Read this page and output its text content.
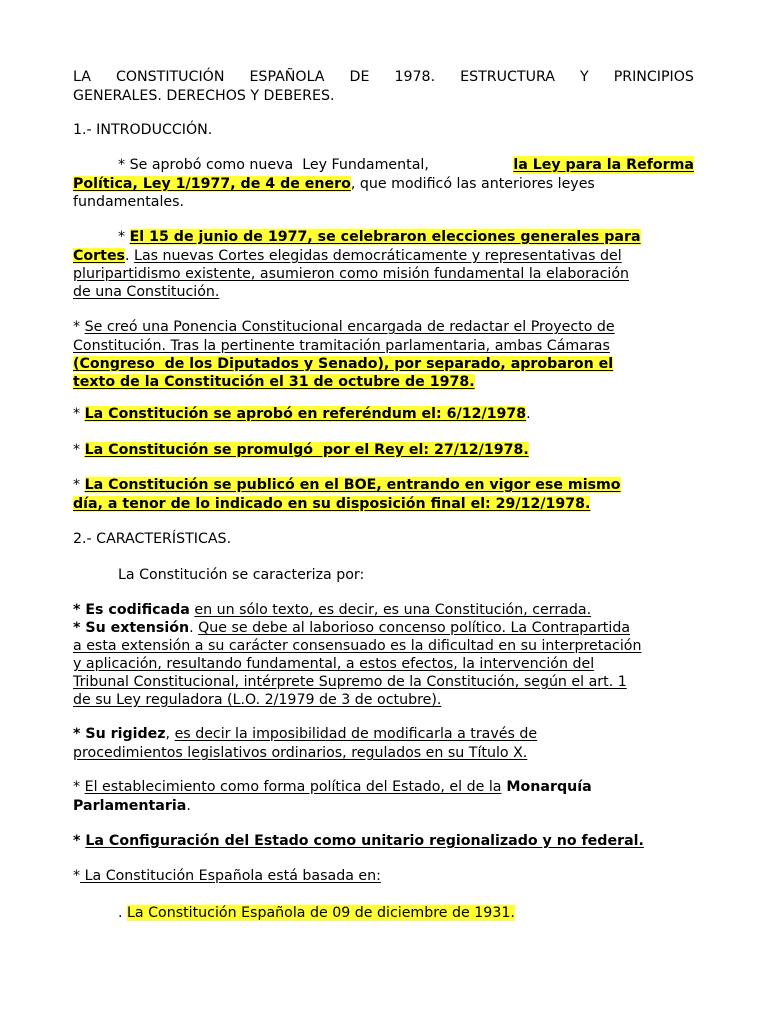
LA CONSTITUCIÓN ESPAÑOLA DE 1978. ESTRUCTURA Y PRINCIPIOS
GENERALES. DERECHOS Y DEBERES.
1.- INTRODUCCIÓN.
* Se aprobó como nueva  Ley Fundamental,	la Ley para la Reforma
Política, Ley 1/1977, de 4 de enero, que modificó las anteriores leyes
fundamentales.
* El 15 de junio de 1977, se celebraron elecciones generales para
Cortes. Las nuevas Cortes elegidas democráticamente y representativas del
pluripartidismo existente, asumieron como misión fundamental la elaboración
de una Constitución.
* Se creó una Ponencia Constitucional encargada de redactar el Proyecto de
Constitución. Tras la pertinente tramitación parlamentaria, ambas Cámaras
(Congreso  de los Diputados y Senado), por separado, aprobaron el
texto de la Constitución el 31 de octubre de 1978.
* La Constitución se aprobó en referéndum el: 6/12/1978.
* La Constitución se promulgó  por el Rey el: 27/12/1978.
* La Constitución se publicó en el BOE, entrando en vigor ese mismo
día, a tenor de lo indicado en su disposición final el: 29/12/1978.
2.- CARACTERÍSTICAS.
La Constitución se caracteriza por:
* Es codificada en un sólo texto, es decir, es una Constitución, cerrada.
* Su extensión. Que se debe al laborioso concenso político. La Contrapartida
a esta extensión a su carácter consensuado es la dificultad en su interpretación
y aplicación, resultando fundamental, a estos efectos, la intervención del
Tribunal Constitucional, intérprete Supremo de la Constitución, según el art. 1
de su Ley reguladora (L.O. 2/1979 de 3 de octubre).
* Su rigidez, es decir la imposibilidad de modificarla a través de
procedimientos legislativos ordinarios, regulados en su Título X.
* El establecimiento como forma política del Estado, el de la Monarquía
Parlamentaria.
* La Configuración del Estado como unitario regionalizado y no federal.
* La Constitución Española está basada en:
. La Constitución Española de 09 de diciembre de 1931.
